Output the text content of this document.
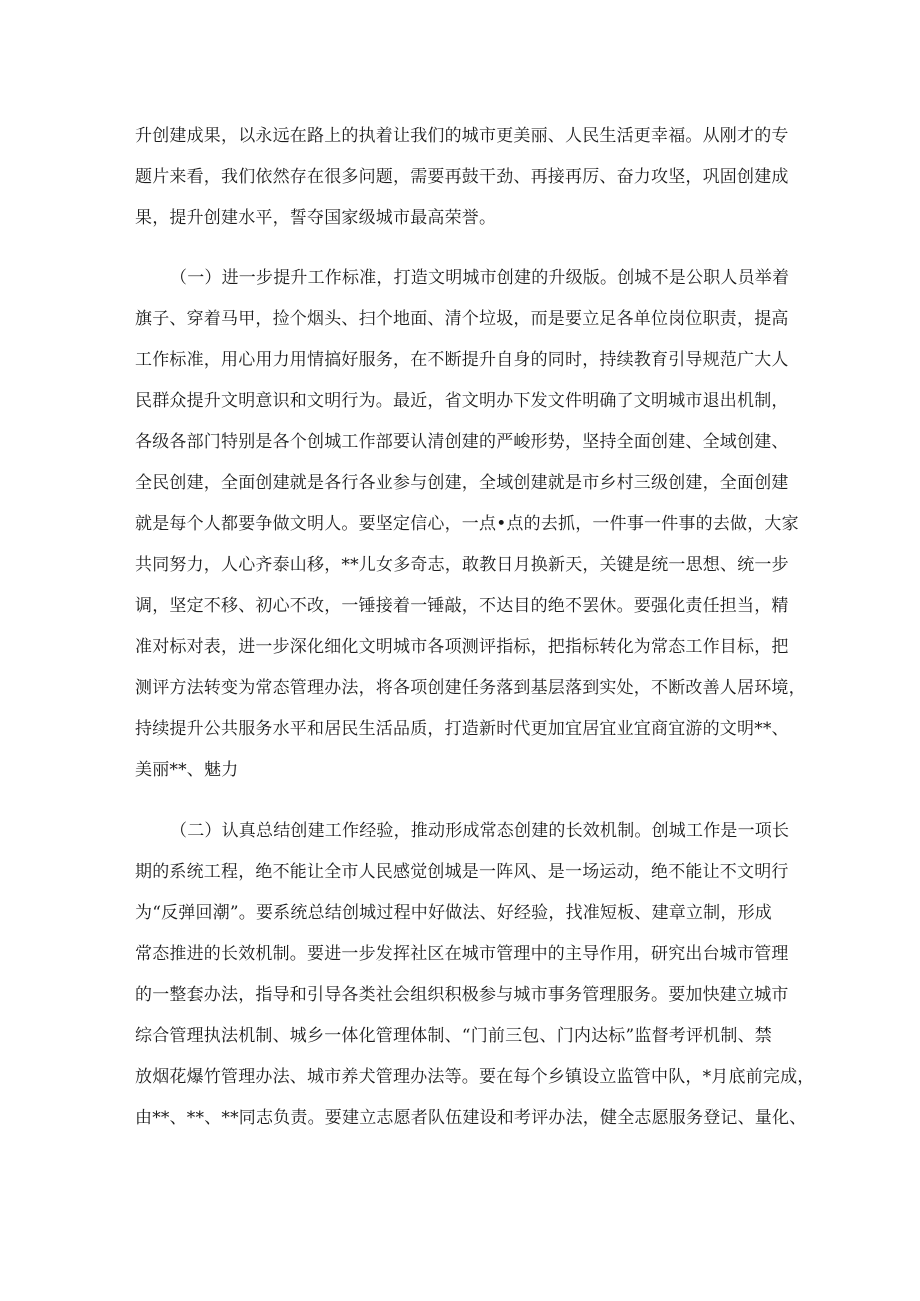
升创建成果，以永远在路上的执着让我们的城市更美丽、人民生活更幸福。从刚才的专

题片来看，我们依然存在很多问题，需要再鼓干劲、再接再厉、奋力攻坚，巩固创建成

果，提升创建水平，誓夺国家级城市最高荣誉。

（一）进一步提升工作标准，打造文明城市创建的升级版。创城不是公职人员举着

旗子、穿着马甲，捡个烟头、扫个地面、清个垃圾，而是要立足各单位岗位职责，提高

工作标准，用心用力用情搞好服务，在不断提升自身的同时，持续教育引导规范广大人

民群众提升文明意识和文明行为。最近，省文明办下发文件明确了文明城市退出机制，

各级各部门特别是各个创城工作部要认清创建的严峻形势，坚持全面创建、全域创建、

全民创建，全面创建就是各行各业参与创建，全域创建就是市乡村三级创建，全面创建

就是每个人都要争做文明人。要坚定信心，一点•点的去抓，一件事一件事的去做，大家

共同努力，人心齐泰山移，**儿女多奇志，敢教日月换新天，关键是统一思想、统一步

调，坚定不移、初心不改，一锤接着一锤敲，不达目的绝不罢休。要强化责任担当，精

准对标对表，进一步深化细化文明城市各项测评指标，把指标转化为常态工作目标，把

测评方法转变为常态管理办法，将各项创建任务落到基层落到实处，不断改善人居环境，

持续提升公共服务水平和居民生活品质，打造新时代更加宜居宜业宜商宜游的文明**、

美丽**、魅力

（二）认真总结创建工作经验，推动形成常态创建的长效机制。创城工作是一项长

期的系统工程，绝不能让全市人民感觉创城是一阵风、是一场运动，绝不能让不文明行

为“反弹回潮”。要系统总结创城过程中好做法、好经验，找准短板、建章立制，形成

常态推进的长效机制。要进一步发挥社区在城市管理中的主导作用，研究出台城市管理

的一整套办法，指导和引导各类社会组织积极参与城市事务管理服务。要加快建立城市

综合管理执法机制、城乡一体化管理体制、“门前三包、门内达标”监督考评机制、禁

放烟花爆竹管理办法、城市养犬管理办法等。要在每个乡镇设立监管中队，*月底前完成，

由**、**、**同志负责。要建立志愿者队伍建设和考评办法，健全志愿服务登记、量化、
